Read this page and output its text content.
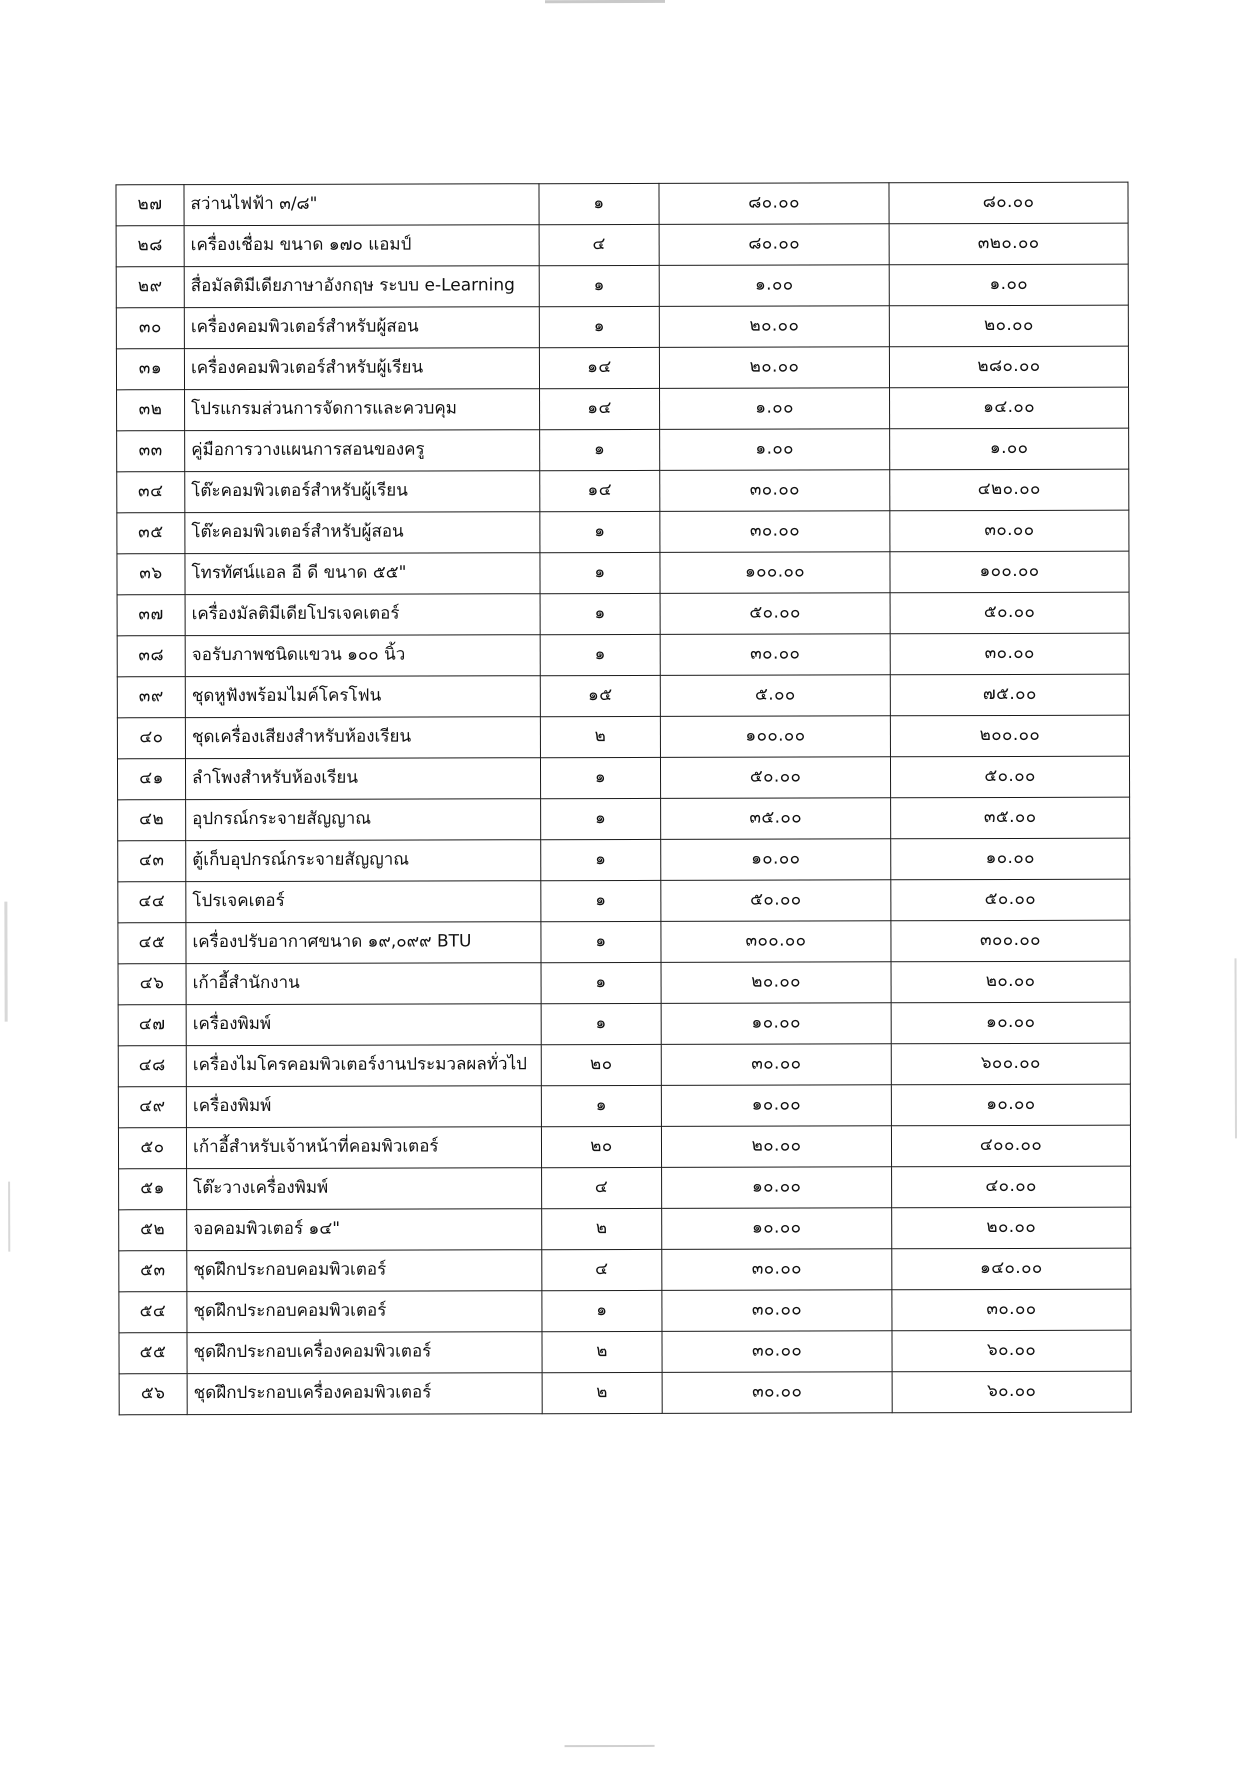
๒๗	สว่านไฟฟ้า ๓/๘"	๑	๘๐.๐๐	๘๐.๐๐
๒๘	เครื่องเชื่อม ขนาด ๑๗๐ แอมป์	๔	๘๐.๐๐	๓๒๐.๐๐
๒๙	สื่อมัลติมีเดียภาษาอังกฤษ ระบบ e-Learning	๑	๑.๐๐	๑.๐๐
๓๐	เครื่องคอมพิวเตอร์สำหรับผู้สอน	๑	๒๐.๐๐	๒๐.๐๐
๓๑	เครื่องคอมพิวเตอร์สำหรับผู้เรียน	๑๔	๒๐.๐๐	๒๘๐.๐๐
๓๒	โปรแกรมส่วนการจัดการและควบคุม	๑๔	๑.๐๐	๑๔.๐๐
๓๓	คู่มือการวางแผนการสอนของครู	๑	๑.๐๐	๑.๐๐
๓๔	โต๊ะคอมพิวเตอร์สำหรับผู้เรียน	๑๔	๓๐.๐๐	๔๒๐.๐๐
๓๕	โต๊ะคอมพิวเตอร์สำหรับผู้สอน	๑	๓๐.๐๐	๓๐.๐๐
๓๖	โทรทัศน์แอล อี ดี ขนาด ๕๕"	๑	๑๐๐.๐๐	๑๐๐.๐๐
๓๗	เครื่องมัลติมีเดียโปรเจคเตอร์	๑	๕๐.๐๐	๕๐.๐๐
๓๘	จอรับภาพชนิดแขวน ๑๐๐ นิ้ว	๑	๓๐.๐๐	๓๐.๐๐
๓๙	ชุดหูฟังพร้อมไมค์โครโฟน	๑๕	๕.๐๐	๗๕.๐๐
๔๐	ชุดเครื่องเสียงสำหรับห้องเรียน	๒	๑๐๐.๐๐	๒๐๐.๐๐
๔๑	ลำโพงสำหรับห้องเรียน	๑	๕๐.๐๐	๕๐.๐๐
๔๒	อุปกรณ์กระจายสัญญาณ	๑	๓๕.๐๐	๓๕.๐๐
๔๓	ตู้เก็บอุปกรณ์กระจายสัญญาณ	๑	๑๐.๐๐	๑๐.๐๐
๔๔	โปรเจคเตอร์	๑	๕๐.๐๐	๕๐.๐๐
๔๕	เครื่องปรับอากาศขนาด ๑๙,๐๙๙ BTU	๑	๓๐๐.๐๐	๓๐๐.๐๐
๔๖	เก้าอี้สำนักงาน	๑	๒๐.๐๐	๒๐.๐๐
๔๗	เครื่องพิมพ์	๑	๑๐.๐๐	๑๐.๐๐
๔๘	เครื่องไมโครคอมพิวเตอร์งานประมวลผลทั่วไป	๒๐	๓๐.๐๐	๖๐๐.๐๐
๔๙	เครื่องพิมพ์	๑	๑๐.๐๐	๑๐.๐๐
๕๐	เก้าอี้สำหรับเจ้าหน้าที่คอมพิวเตอร์	๒๐	๒๐.๐๐	๔๐๐.๐๐
๕๑	โต๊ะวางเครื่องพิมพ์	๔	๑๐.๐๐	๔๐.๐๐
๕๒	จอคอมพิวเตอร์ ๑๔"	๒	๑๐.๐๐	๒๐.๐๐
๕๓	ชุดฝึกประกอบคอมพิวเตอร์	๔	๓๐.๐๐	๑๔๐.๐๐
๕๔	ชุดฝึกประกอบคอมพิวเตอร์	๑	๓๐.๐๐	๓๐.๐๐
๕๕	ชุดฝึกประกอบเครื่องคอมพิวเตอร์	๒	๓๐.๐๐	๖๐.๐๐
๕๖	ชุดฝึกประกอบเครื่องคอมพิวเตอร์	๒	๓๐.๐๐	๖๐.๐๐
